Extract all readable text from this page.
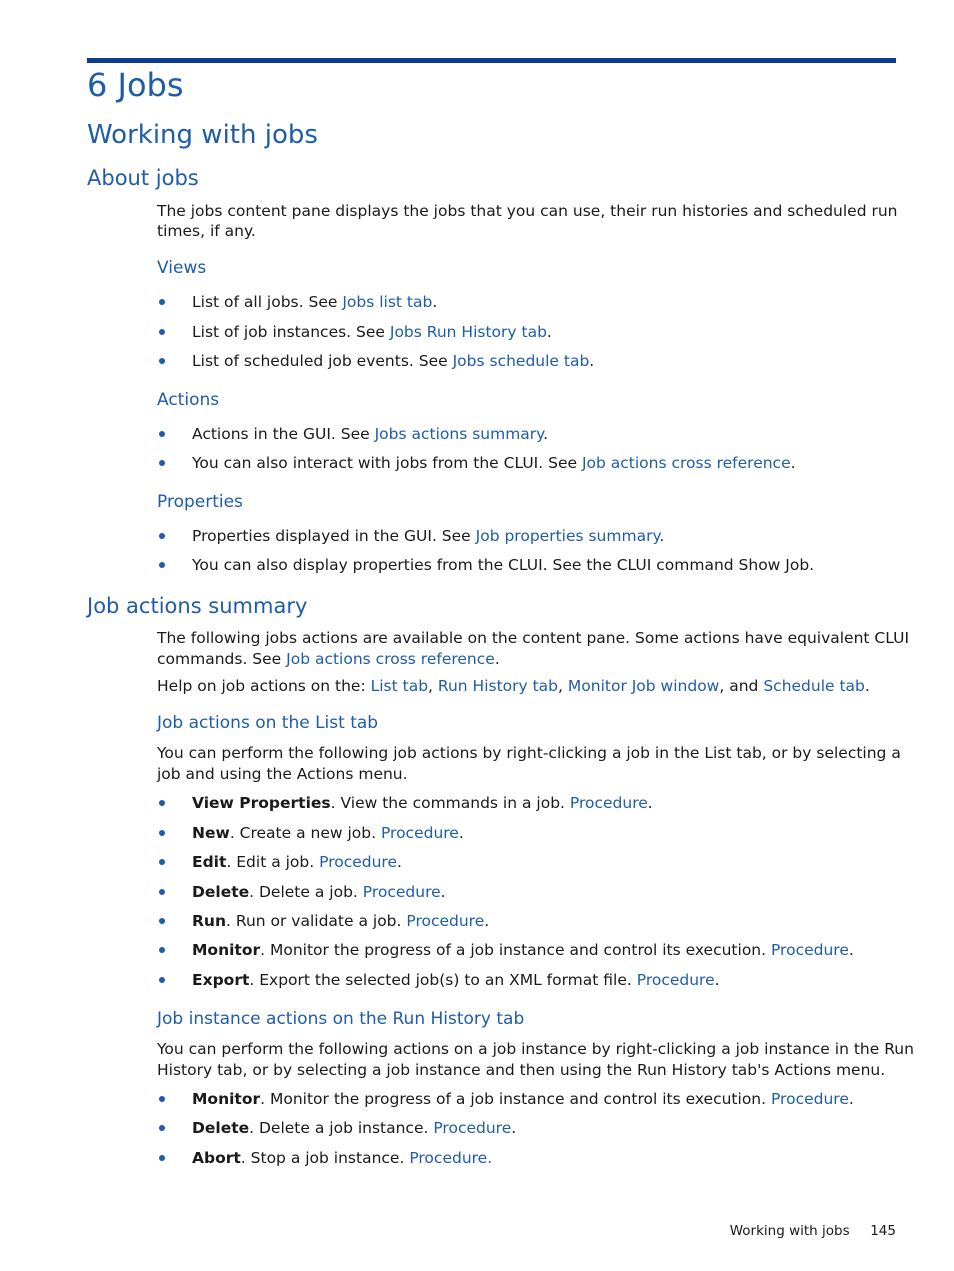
6 Jobs
Working with jobs
About jobs

The jobs content pane displays the jobs that you can use, their run histories and scheduled run

times, if any.

Views
List of all jobs. See Jobs list tab.
List of job instances. See Jobs Run History tab.
List of scheduled job events. See Jobs schedule tab.
Actions
Actions in the GUI. See Jobs actions summary.
You can also interact with jobs from the CLUI. See Job actions cross reference.
Properties
Properties displayed in the GUI. See Job properties summary.
You can also display properties from the CLUI. See the CLUI command Show Job.
Job actions summary

The following jobs actions are available on the content pane. Some actions have equivalent CLUI

commands. See Job actions cross reference.

Help on job actions on the: List tab, Run History tab, Monitor Job window, and Schedule tab.

Job actions on the List tab

You can perform the following job actions by right-clicking a job in the List tab, or by selecting a

job and using the Actions menu.

View Properties. View the commands in a job. Procedure.
New. Create a new job. Procedure.
Edit. Edit a job. Procedure.
Delete. Delete a job. Procedure.
Run. Run or validate a job. Procedure.
Monitor. Monitor the progress of a job instance and control its execution. Procedure.
Export. Export the selected job(s) to an XML format file. Procedure.
Job instance actions on the Run History tab

You can perform the following actions on a job instance by right-clicking a job instance in the Run

History tab, or by selecting a job instance and then using the Run History tab's Actions menu.

Monitor. Monitor the progress of a job instance and control its execution. Procedure.
Delete. Delete a job instance. Procedure.
Abort. Stop a job instance. Procedure.
Working with jobs 145
